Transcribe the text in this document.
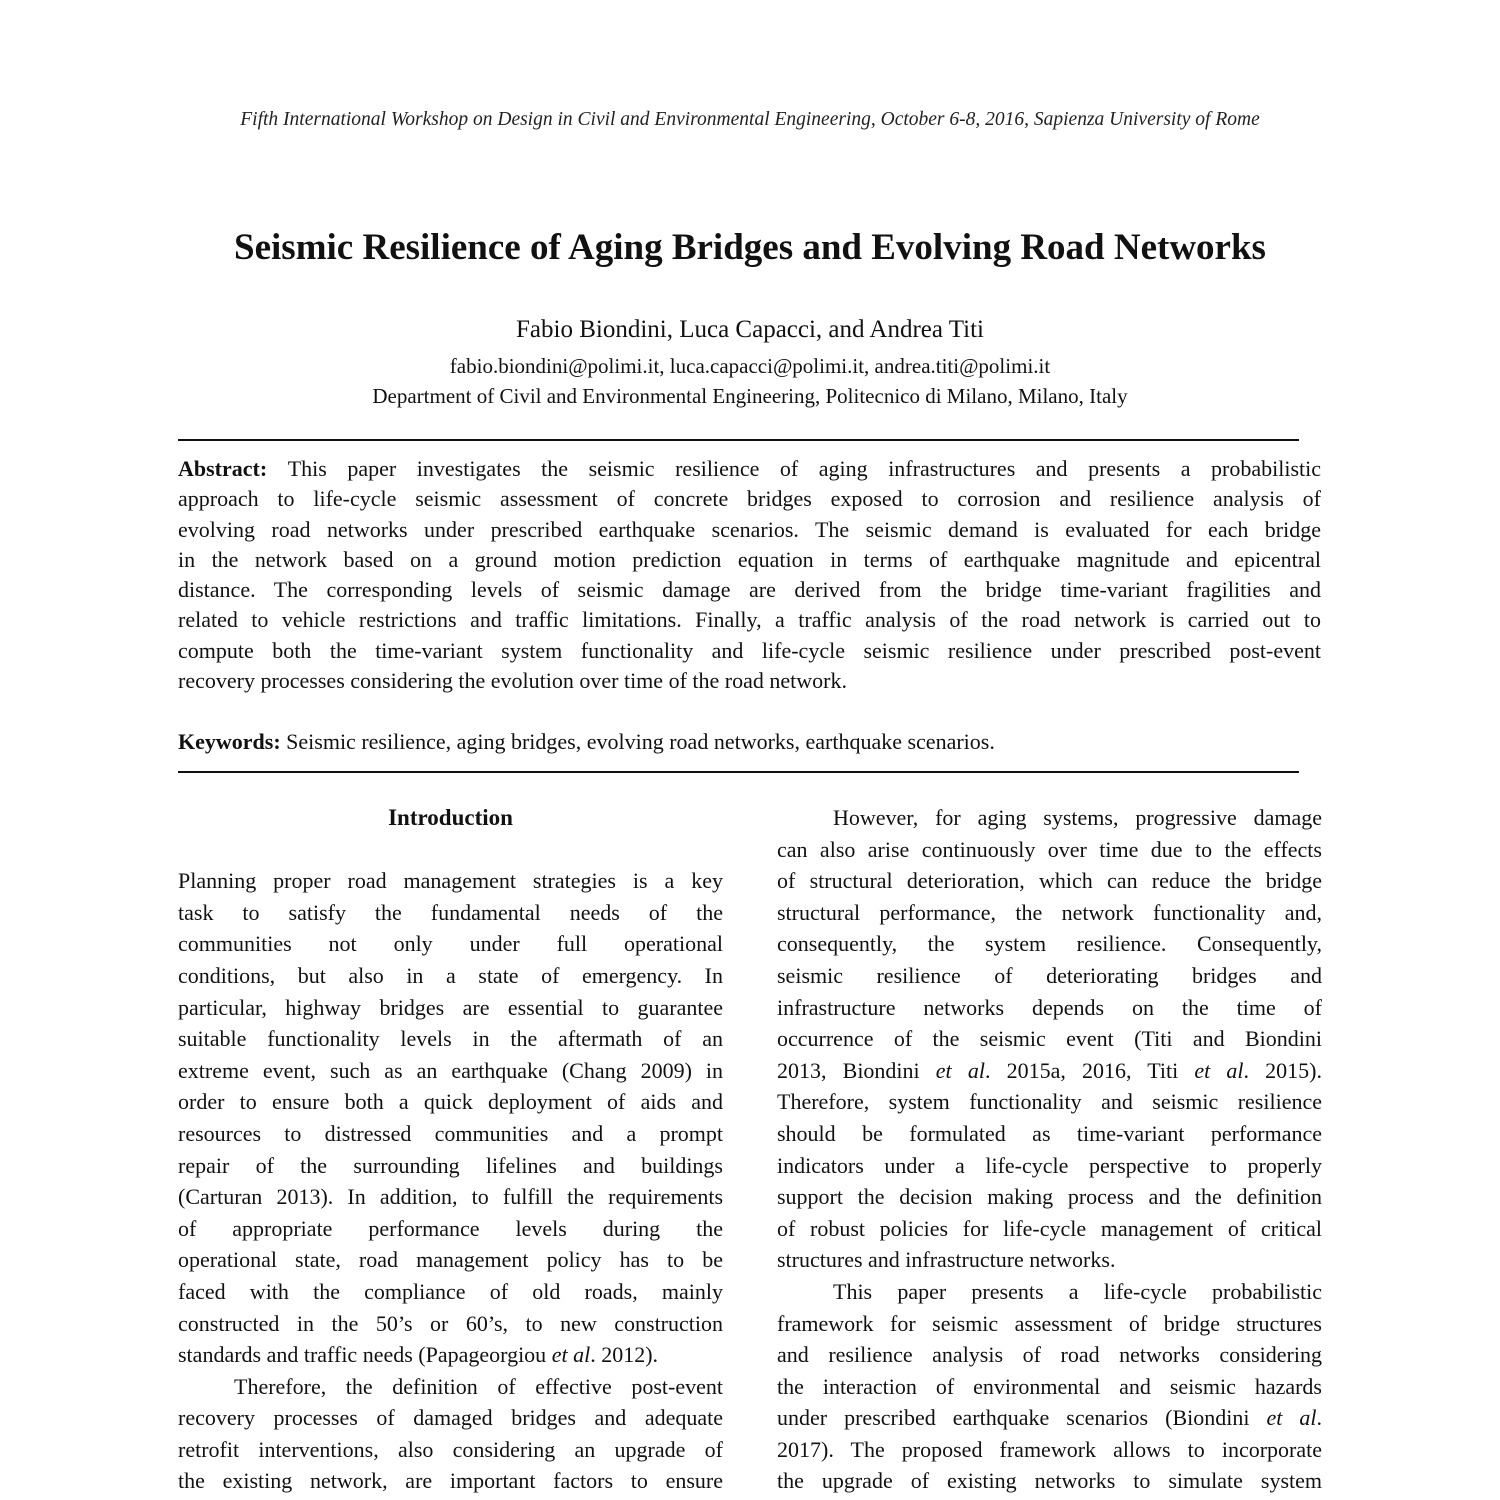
Fifth International Workshop on Design in Civil and Environmental Engineering, October 6-8, 2016, Sapienza University of Rome
Seismic Resilience of Aging Bridges and Evolving Road Networks
Fabio Biondini, Luca Capacci, and Andrea Titi
fabio.biondini@polimi.it, luca.capacci@polimi.it, andrea.titi@polimi.it
Department of Civil and Environmental Engineering, Politecnico di Milano, Milano, Italy
Abstract: This paper investigates the seismic resilience of aging infrastructures and presents a probabilistic
approach to life-cycle seismic assessment of concrete bridges exposed to corrosion and resilience analysis of
evolving road networks under prescribed earthquake scenarios. The seismic demand is evaluated for each bridge
in the network based on a ground motion prediction equation in terms of earthquake magnitude and epicentral
distance. The corresponding levels of seismic damage are derived from the bridge time-variant fragilities and
related to vehicle restrictions and traffic limitations. Finally, a traffic analysis of the road network is carried out to
compute both the time-variant system functionality and life-cycle seismic resilience under prescribed post-event
recovery processes considering the evolution over time of the road network.
Keywords: Seismic resilience, aging bridges, evolving road networks, earthquake scenarios.
Introduction
Planning proper road management strategies is a key
task to satisfy the fundamental needs of the
communities not only under full operational
conditions, but also in a state of emergency. In
particular, highway bridges are essential to guarantee
suitable functionality levels in the aftermath of an
extreme event, such as an earthquake (Chang 2009) in
order to ensure both a quick deployment of aids and
resources to distressed communities and a prompt
repair of the surrounding lifelines and buildings
(Carturan 2013). In addition, to fulfill the requirements
of appropriate performance levels during the
operational state, road management policy has to be
faced with the compliance of old roads, mainly
constructed in the 50’s or 60’s, to new construction
standards and traffic needs (Papageorgiou et al. 2012).
Therefore, the definition of effective post-event
recovery processes of damaged bridges and adequate
retrofit interventions, also considering an upgrade of
the existing network, are important factors to ensure
However, for aging systems, progressive damage
can also arise continuously over time due to the effects
of structural deterioration, which can reduce the bridge
structural performance, the network functionality and,
consequently, the system resilience. Consequently,
seismic resilience of deteriorating bridges and
infrastructure networks depends on the time of
occurrence of the seismic event (Titi and Biondini
2013, Biondini et al. 2015a, 2016, Titi et al. 2015).
Therefore, system functionality and seismic resilience
should be formulated as time-variant performance
indicators under a life-cycle perspective to properly
support the decision making process and the definition
of robust policies for life-cycle management of critical
structures and infrastructure networks.
This paper presents a life-cycle probabilistic
framework for seismic assessment of bridge structures
and resilience analysis of road networks considering
the interaction of environmental and seismic hazards
under prescribed earthquake scenarios (Biondini et al.
2017). The proposed framework allows to incorporate
the upgrade of existing networks to simulate system
